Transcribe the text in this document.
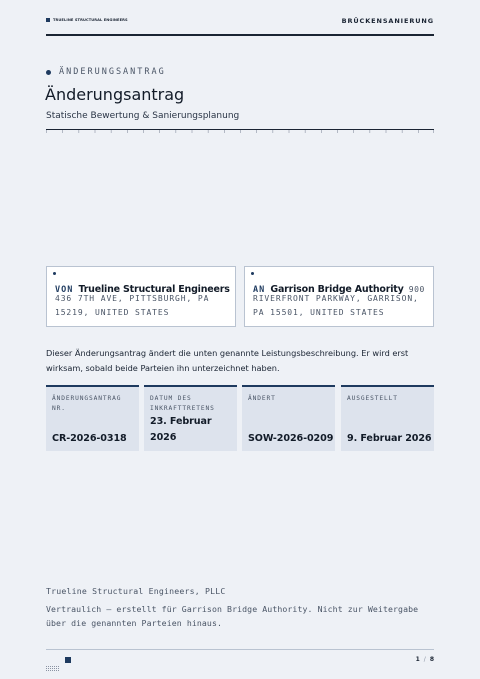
TRUELINE STRUCTURAL ENGINEERS	BRÜCKENSANIERUNG
ÄNDERUNGSANTRAG
Änderungsantrag
Statische Bewertung & Sanierungsplanung
VON Trueline Structural Engineers
436 7TH AVE, PITTSBURGH, PA
15219, UNITED STATES
AN Garrison Bridge Authority 900
RIVERFRONT PARKWAY, GARRISON,
PA 15501, UNITED STATES
Dieser Änderungsantrag ändert die unten genannte Leistungsbeschreibung. Er wird erst wirksam, sobald beide Parteien ihn unterzeichnet haben.
ÄNDERUNGSANTRAG NR.
CR-2026-0318
DATUM DES INKRAFTTRETENS
23. Februar 2026
ÄNDERT
SOW-2026-0209
AUSGESTELLT
9. Februar 2026
Trueline Structural Engineers, PLLC
Vertraulich — erstellt für Garrison Bridge Authority. Nicht zur Weitergabe über die genannten Parteien hinaus.
1 / 8
